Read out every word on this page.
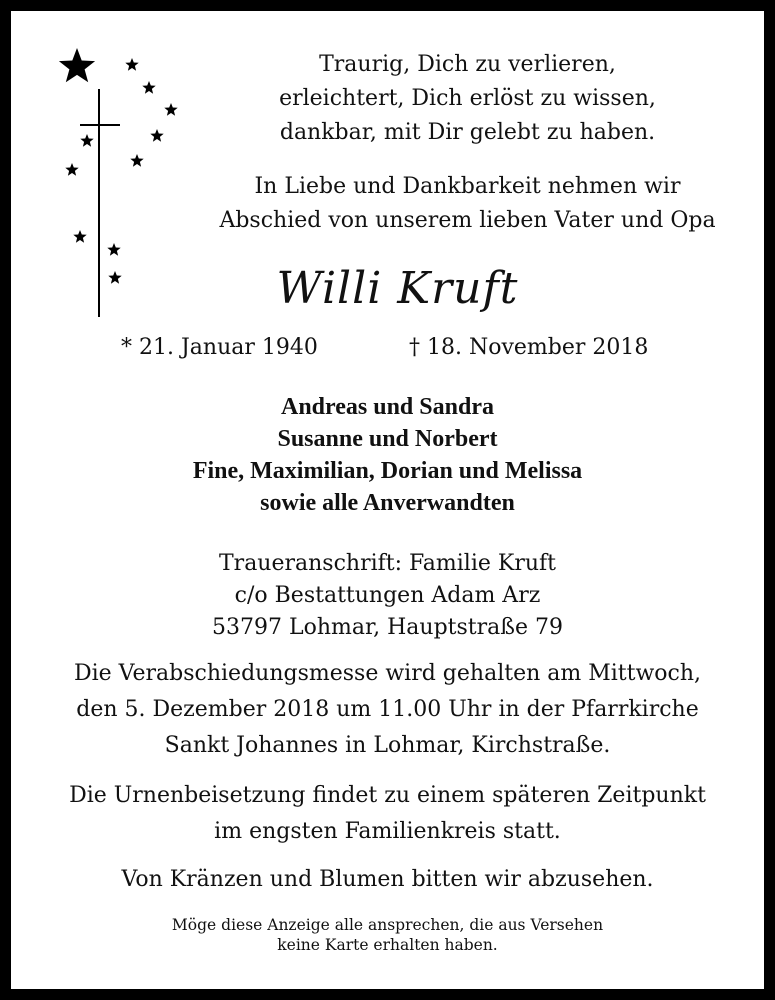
Traurig, Dich zu verlieren,
erleichtert, Dich erlöst zu wissen,
dankbar, mit Dir gelebt zu haben.
In Liebe und Dankbarkeit nehmen wir
Abschied von unserem lieben Vater und Opa
Willi Kruft
* 21. Januar 1940	† 18. November 2018
Andreas und Sandra
Susanne und Norbert
Fine, Maximilian, Dorian und Melissa
sowie alle Anverwandten
Traueranschrift: Familie Kruft
c/o Bestattungen Adam Arz
53797 Lohmar, Hauptstraße 79
Die Verabschiedungsmesse wird gehalten am Mittwoch,
den 5. Dezember 2018 um 11.00 Uhr in der Pfarrkirche
Sankt Johannes in Lohmar, Kirchstraße.
Die Urnenbeisetzung findet zu einem späteren Zeitpunkt
im engsten Familienkreis statt.
Von Kränzen und Blumen bitten wir abzusehen.
Möge diese Anzeige alle ansprechen, die aus Versehen
keine Karte erhalten haben.
